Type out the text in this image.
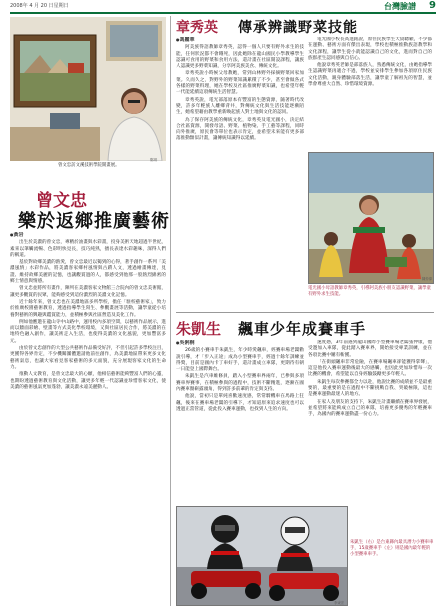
2008年 4 月 20 日星期日	台灣臉譜 9
曾文忠訪文溪技術學院開畫展。
鄭琪
曾文忠
樂於返鄉推廣藝術
● 黃岩

出生於美濃的曾文忠，專精於油畫與水彩畫，投身美術天地超過半世紀，素來以筆觸流暢、色彩明快見長，技巧純熟，擅長表達水彩趣味，深得人們的稱道。

基於對故鄉美濃的熱愛，曾文忠最近以獨到的心得，著手創作一系列「美濃風情」水彩作品，將美濃客家鄉村風情與古蹟人文，透過繪畫傳達，見證、維持故鄉美麗的記憶，也讓觀賞過的人，都感受到他那一股熱烈綿密的鄉土情意與情感。

曾文忠並將所有畫作，陳列在美濃客家文物館三合院內的曾文忠美術館，讓更多觀賞的民眾，能夠感受到這份濃烈的美濃文化記憶。

近十餘年來，曾文忠也在美濃地區多所學校，擔任「駐校藝術家」，致力於推廣校園藝術教育，透過指導學生寫生、參觀畫展等活動，讓學童從小培養對藝術的興趣與鑑賞能力，並積極參與社區營造及美化工作。

例如他應邀在龍山寺中山路中，運用校內多項空間，以藝術作品展示，進而以牆面彩繪、壁畫等方式美化學校環境，又與社區居民合作，將美濃的在地特色融入創作，讓美術走入生活，也使得美濃的文化風貌，更加豐富多元。

由於曾文忠創作的大型公共藝術作品備受好評，不但引起許多學校注目，更獲得各界肯定，不少機關團體邀請他前往創作，為美濃地區帶來更多文化藝術氣息，也讓大家看見客家藝術的多元面貌，充分展現客家文化的生命力。

推動人文教育，是曾文忠最大的心願，他相信藝術能夠豐富人們的心靈，也期盼透過藝術教育與文化活動，讓更多年輕一代認識並珍惜客家文化，使美濃的藝術風氣更加蓬勃，讓美濃永遠美麗動人。

章秀英 傳承辨識野菜技能
● 馮麗華

阿美族得語教師章秀英，認得一個人只要有野外求生的技能，任何狀況都不會餓死，因此她除在龍山國民小學教導學生認識可食用的野菜和食用方法，還計畫在社區開設課程，讓族人認識更多野菜知識，分享阿美族美食、傳統文化。

章秀英說小時候父母教她，常到山林野外採摘野菜回家加菜。久而久之，對野外的野菜知識累積了不少，甚至會做各式各樣的野菜料理，她在學校及社區推廣野菜知識，也希望年輕一代能延續這項傳統生活智慧。

章秀英說，電光部落原本有豐富的生態資源，隨著時代改變，許多年輕族人離鄉背井，對傳統文化與生活技能逐漸陌生，她希望藉由教學重新喚起族人對土地與文化的認同。

為了保存阿美族的傳統文化，章秀英及電光國小，決定結合社區資源，開發母語、野菜、植物染、手工藝等課程，同時向外推廣，原民會等單位也表示肯定，並希望未來能有更多部落推動類似計畫，讓傳統知識得以延續。

電光國小校長高進銘說，原住民族學生天資聰穎，不少都在運動、藝術方面有傑出表現，學校也積極推動族語教學和文化課程，讓學生從小就能認識自己的文化，進而對自己的族群產生認同感與自信心。

他說章秀英老師是部落族人，熟悉傳統文化，由她指導學生認識野菜再適合不過，學校並安排學生參加各項原住民族文化活動，親身體驗部落生活，讓學童了解祖先的智慧，並學會尊重大自然、珍惜環境資源。

陳仲偉
電光國小母語教師章秀英，引導阿美族小朋友認識野菜，讓學童有野外求生技能。
朱凱生 飆車少年成賽車手
● 吳俐桐

26歲的小賽車手朱凱生，年少時愛飆車，經賽車場老闆勸說引導，才「步入正途」成為小型賽車手，經過十餘年訓練並得獎，目前是國內卡丁車好手，還計畫成立車隊，更期待有朝一日能登上國際舞台。

朱凱生是汽車維修員，踏入小型賽車界兩年，已參與多項賽車界賽事，在積極參與的過程中，技術不斷精進，逐漸在國內賽車圈嶄露頭角，得到許多前輩的肯定與支持。

他說，當初只是單純喜歡速度感，常常騎機車在馬路上狂飆，後來在賽車場老闆的引導下，才知道原來追求速度也可以透過正當管道，從此投入賽車運動，也找到人生的方向。

速度感，3年前遇到龍山國際小型賽車場老闆張仲康，他受邀加入車隊，從此踏入賽車界，開始接受專業訓練，並在各項比賽中屢有斬獲。

「在街頭飆車非常危險，在賽車場飆車卻能獲得掌聲」，這是他投入賽車運動後最大的感觸，也因此更加珍惜每一次比賽的機會，希望能以自身經驗鼓勵更多年輕人。

朱凱生每次參賽都全力以赴，他說比賽的成績並不是最重要的，最重要的是在過程中不斷挑戰自我、突破極限，這也是賽車運動最迷人的地方。

在家人及朋友的支持下，朱凱生計畫繼續在賽車界發展，並希望將來能夠成立自己的車隊，培養更多優秀的年輕賽車手，為國內的賽車運動盡一份心力。

李秉宏
朱凱生（右）是台東縣內最具潛力小賽車車手，15歲賽車手（左）則是國內最年輕的小型賽車車手。
